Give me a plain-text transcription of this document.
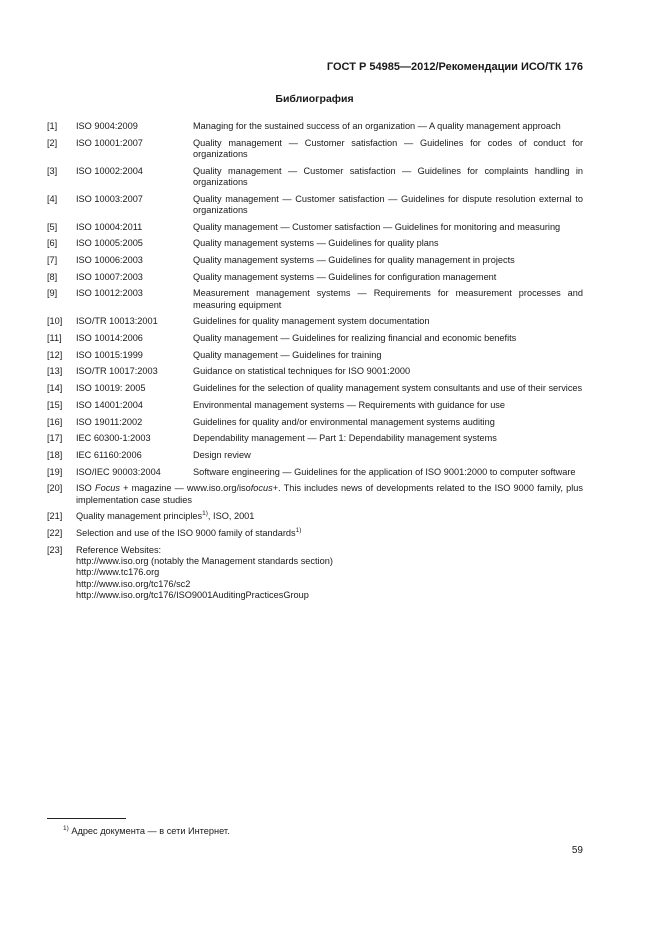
ГОСТ Р 54985—2012/Рекомендации ИСО/ТК 176
Библиография
[1]	ISO 9004:2009	Managing for the sustained success of an organization — A quality management approach
[2]	ISO 10001:2007	Quality management — Customer satisfaction — Guidelines for codes of conduct for organizations
[3]	ISO 10002:2004	Quality management — Customer satisfaction — Guidelines for complaints handling in organizations
[4]	ISO 10003:2007	Quality management — Customer satisfaction — Guidelines for dispute resolution external to organizations
[5]	ISO 10004:2011	Quality management — Customer satisfaction — Guidelines for monitoring and measuring
[6]	ISO 10005:2005	Quality management systems — Guidelines for quality plans
[7]	ISO 10006:2003	Quality management systems — Guidelines for quality management in projects
[8]	ISO 10007:2003	Quality management systems — Guidelines for configuration management
[9]	ISO 10012:2003	Measurement management systems — Requirements for measurement processes and measuring equipment
[10]	ISO/TR 10013:2001	Guidelines for quality management system documentation
[11]	ISO 10014:2006	Quality management — Guidelines for realizing financial and economic benefits
[12]	ISO 10015:1999	Quality management — Guidelines for training
[13]	ISO/TR 10017:2003	Guidance on statistical techniques for ISO 9001:2000
[14]	ISO 10019: 2005	Guidelines for the selection of quality management system consultants and use of their services
[15]	ISO 14001:2004	Environmental management systems — Requirements with guidance for use
[16]	ISO 19011:2002	Guidelines for quality and/or environmental management systems auditing
[17]	IEC 60300-1:2003	Dependability management — Part 1: Dependability management systems
[18]	IEC 61160:2006	Design review
[19]	ISO/IEC 90003:2004	Software engineering — Guidelines for the application of ISO 9001:2000 to computer software
[20]	ISO Focus + magazine — www.iso.org/isofocus+. This includes news of developments related to the ISO 9000 family, plus implementation case studies
[21]	Quality management principles$^{1)}$, ISO, 2001
[22]	Selection and use of the ISO 9000 family of standards$^{1)}$
[23]	Reference Websites:
http://www.iso.org (notably the Management standards section)
http://www.tc176.org
http://www.iso.org/tc176/sc2
http://www.iso.org/tc176/ISO9001AuditingPracticesGroup
$^{1)}$ Адрес документа — в сети Интернет.
59
